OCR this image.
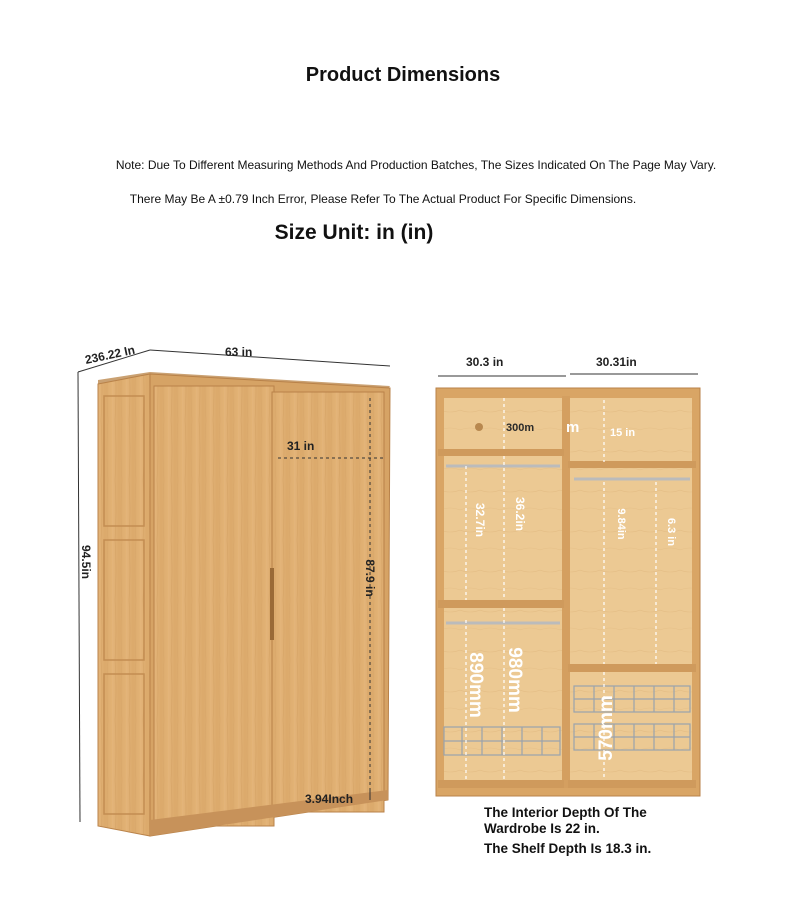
Product Dimensions
Note: Due To Different Measuring Methods And Production Batches, The Sizes Indicated On The Page May Vary.
There May Be A ±0.79 Inch Error, Please Refer To The Actual Product For Specific Dimensions.
Size Unit: in (in)
236.22 In	63 in
94.5in
31 in
87.9 in
3.94Inch
30.3 in	30.31in
300m m	15 in
32.7in 36.2in	9.84in	6.3 in
890mm 980mm
570mm
The Interior Depth Of The
Wardrobe Is 22 in.
The Shelf Depth Is 18.3 in.
